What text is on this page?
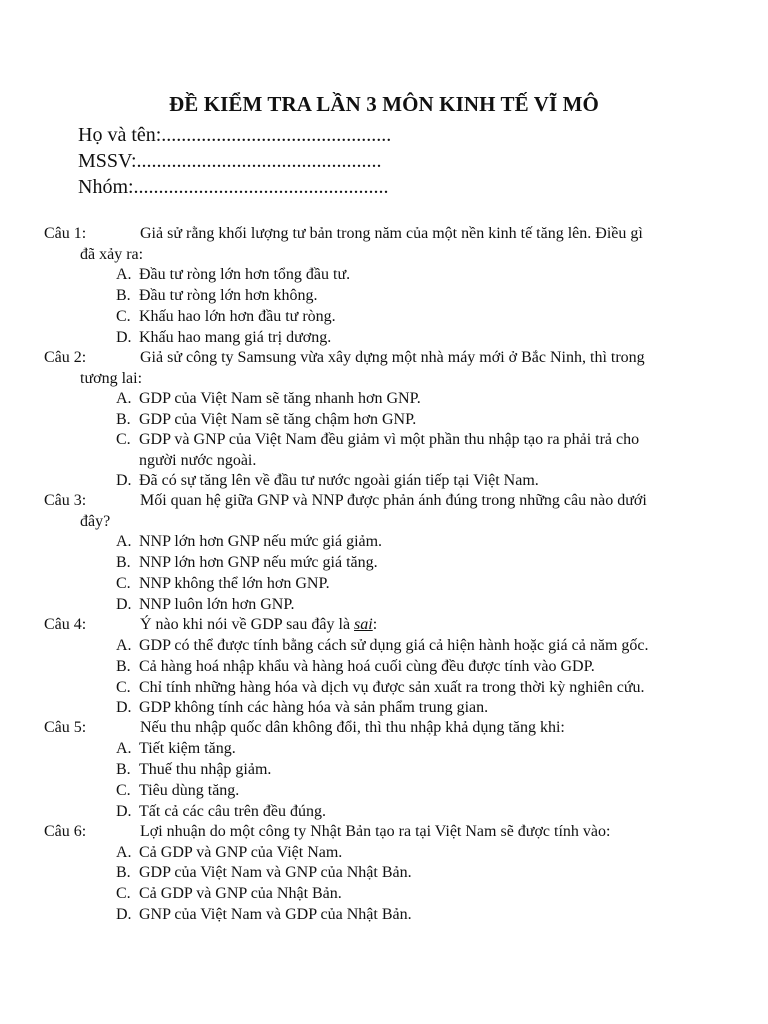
ĐỀ KIỂM TRA LẦN 3 MÔN KINH TẾ VĨ MÔ
Họ và tên:..............................................
MSSV:.................................................
Nhóm:...................................................
Câu 1:	Giả sử rằng khối lượng tư bản trong năm của một nền kinh tế tăng lên. Điều gì
đã xảy ra:
A. Đầu tư ròng lớn hơn tổng đầu tư.
B. Đầu tư ròng lớn hơn không.
C. Khấu hao lớn hơn đầu tư ròng.
D. Khấu hao mang giá trị dương.
Câu 2:	Giả sử công ty Samsung vừa xây dựng một nhà máy mới ở Bắc Ninh, thì trong
tương lai:
A. GDP của Việt Nam sẽ tăng nhanh hơn GNP.
B. GDP của Việt Nam sẽ tăng chậm hơn GNP.
C. GDP và GNP của Việt Nam đều giảm vì một phần thu nhập tạo ra phải trả cho
người nước ngoài.
D. Đã có sự tăng lên về đầu tư nước ngoài gián tiếp tại Việt Nam.
Câu 3:	Mối quan hệ giữa GNP và NNP được phản ánh đúng trong những câu nào dưới
đây?
A. NNP lớn hơn GNP nếu mức giá giảm.
B. NNP lớn hơn GNP nếu mức giá tăng.
C. NNP không thể lớn hơn GNP.
D. NNP luôn lớn hơn GNP.
Câu 4:	Ý nào khi nói về GDP sau đây là sai:
A. GDP có thể được tính bằng cách sử dụng giá cả hiện hành hoặc giá cả năm gốc.
B. Cả hàng hoá nhập khẩu và hàng hoá cuối cùng đều được tính vào GDP.
C. Chỉ tính những hàng hóa và dịch vụ được sản xuất ra trong thời kỳ nghiên cứu.
D. GDP không tính các hàng hóa và sản phẩm trung gian.
Câu 5:	Nếu thu nhập quốc dân không đổi, thì thu nhập khả dụng tăng khi:
A. Tiết kiệm tăng.
B. Thuế thu nhập giảm.
C. Tiêu dùng tăng.
D. Tất cả các câu trên đều đúng.
Câu 6:	Lợi nhuận do một công ty Nhật Bản tạo ra tại Việt Nam sẽ được tính vào:
A. Cả GDP và GNP của Việt Nam.
B. GDP của Việt Nam và GNP của Nhật Bản.
C. Cả GDP và GNP của Nhật Bản.
D. GNP của Việt Nam và GDP của Nhật Bản.
